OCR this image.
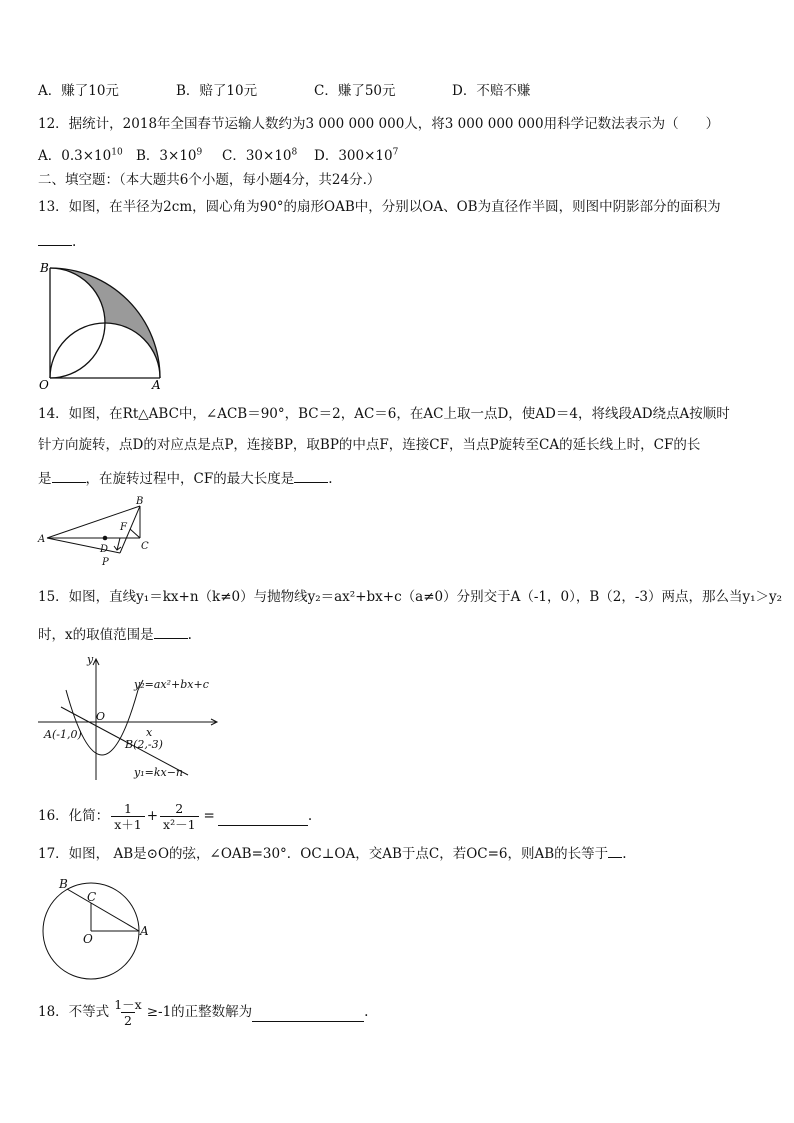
A．赚了10元	B．赔了10元	C．赚了50元	D．不赔不赚
12．据统计，2018年全国春节运输人数约为3 000 000 000人，将3 000 000 000用科学记数法表示为（　　）
A．$0.3\times 10^{10}$ B．$3\times 10^9$ C．$30\times 10^8$ D．$300\times 10^7$
二、填空题：（本大题共6个小题，每小题4分，共24分.）
13．如图，在半径为2cm，圆心角为90°的扇形OAB中，分别以OA、OB为直径作半圆，则图中阴影部分的面积为
.
B
O	A
14．如图，在Rt△ABC中，∠ACB＝90°，BC＝2，AC＝6，在AC上取一点D，使AD＝4，将线段AD绕点A按顺时
针方向旋转，点D的对应点是点P，连接BP，取BP的中点F，连接CF，当点P旋转至CA的延长线上时，CF的长
是	，在旋转过程中，CF的最大长度是	.
A
B
C
D
F
P
15．如图，直线y₁＝kx+n（k≠0）与抛物线y₂＝ax²+bx+c（a≠0）分别交于A（-1，0），B（2，-3）两点，那么当y₁＞y₂
时，x的取值范围是	.
y
x
O
A(-1,0)
B(2,-3)
y₂=ax²+bx+c
y₁=kx−n
16．化简： $\frac{1}{x+1} + \frac{2}{\text{x²－1}}$ =	.
17．如图， AB是⊙O的弦，∠OAB=30°．OC⊥OA，交AB于点C，若OC=6，则AB的长等于 .
B
C
O
A
18．不等式 $\frac{1-x}{2} \ge-1$的正整数解为	.
